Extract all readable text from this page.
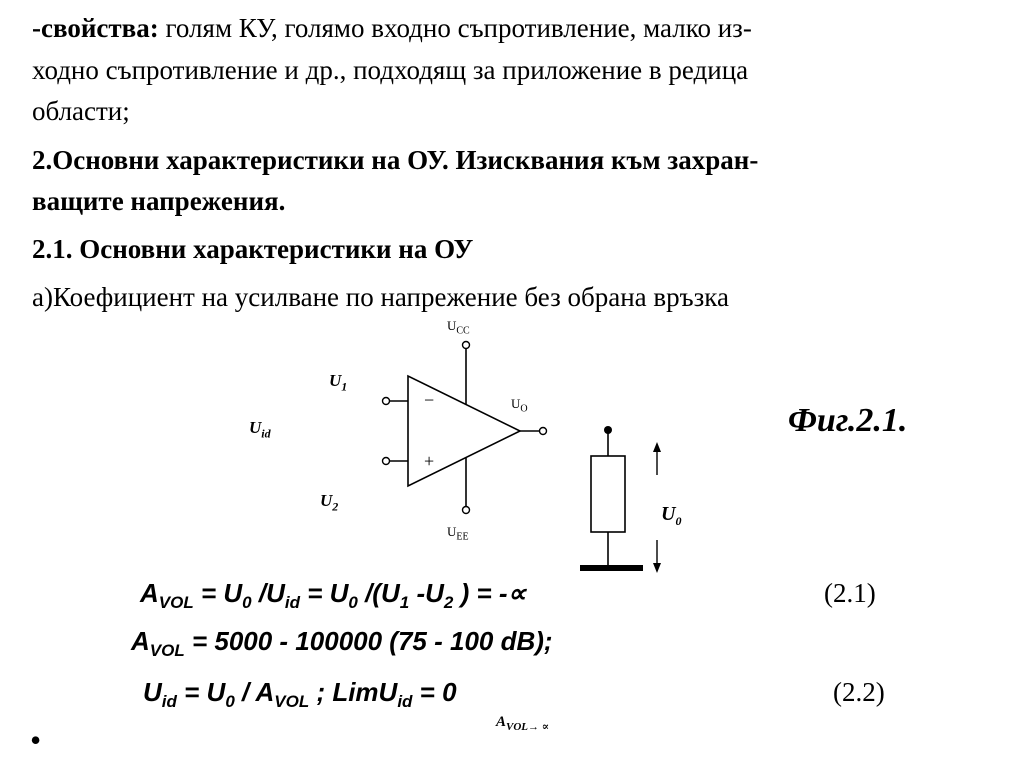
-свойства: голям КУ, голямо входно съпротивление, малко из-

ходно съпротивление и др., подходящ за приложение в редица

области;

2.Основни характеристики на ОУ. Изисквания към захран-

ващите напрежения.

2.1. Основни характеристики на ОУ

а)Коефициент на усилване по напрежение без обрана връзка

−
+
$U_{CC}$
$U_{EE}$
$U_O$
$U_1$
$U_2$
$U_{id}$
$U_0$
Фиг.2.1.
$A_{VOL} = U_0$ $/U_{id} = U_0$ $/(U_1$ $-U_2$ ) = -∝	(2.1)
$A_{VOL} = 5000 - 100000$ (75 - 100 dB);
$U_{id} = U_0 / A_{VOL}$ ; LimU$_{id}$ = 0	(2.2)
$A_{VOL\to \propto}$
•
